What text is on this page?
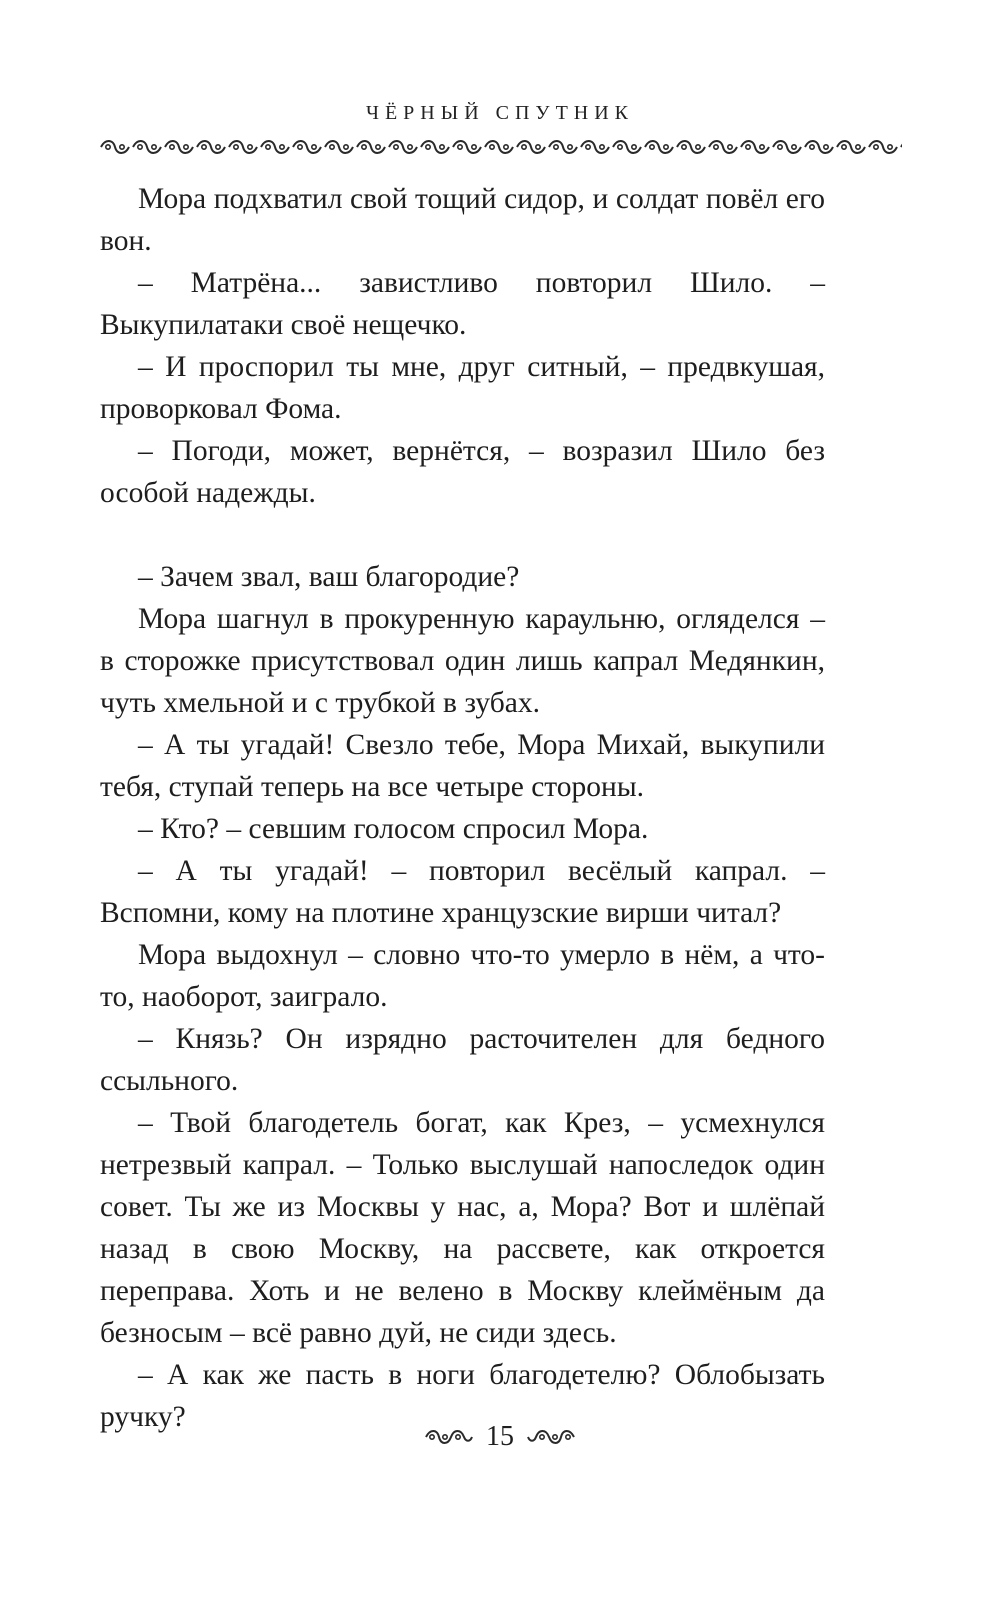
ЧЁРНЫЙ СПУТНИК

Мора подхватил свой тощий сидор, и солдат повёл его вон.

– Матрёна... завистливо повторил Шило. – Выкупилатаки своё нещечко.

– И проспорил ты мне, друг ситный, – предвкушая, проворковал Фома.

– Погоди, может, вернётся, – возразил Шило без особой надежды.

– Зачем звал, ваш благородие?

Мора шагнул в прокуренную караульню, огляделся – в сторожке присутствовал один лишь капрал Медянкин, чуть хмельной и с трубкой в зубах.

– А ты угадай! Свезло тебе, Мора Михай, выкупили тебя, ступай теперь на все четыре стороны.

– Кто? – севшим голосом спросил Мора.

– А ты угадай! – повторил весёлый капрал. – Вспомни, кому на плотине хранцузские вирши читал?

Мора выдохнул – словно что-то умерло в нём, а что-то, наоборот, заиграло.

– Князь? Он изрядно расточителен для бедного ссыльного.

– Твой благодетель богат, как Крез, – усмехнулся нетрезвый капрал. – Только выслушай напоследок один совет. Ты же из Москвы у нас, а, Мора? Вот и шлёпай назад в свою Москву, на рассвете, как откроется переправа. Хоть и не велено в Москву клеймёным да безносым – всё равно дуй, не сиди здесь.

– А как же пасть в ноги благодетелю? Облобызать ручку?

15
